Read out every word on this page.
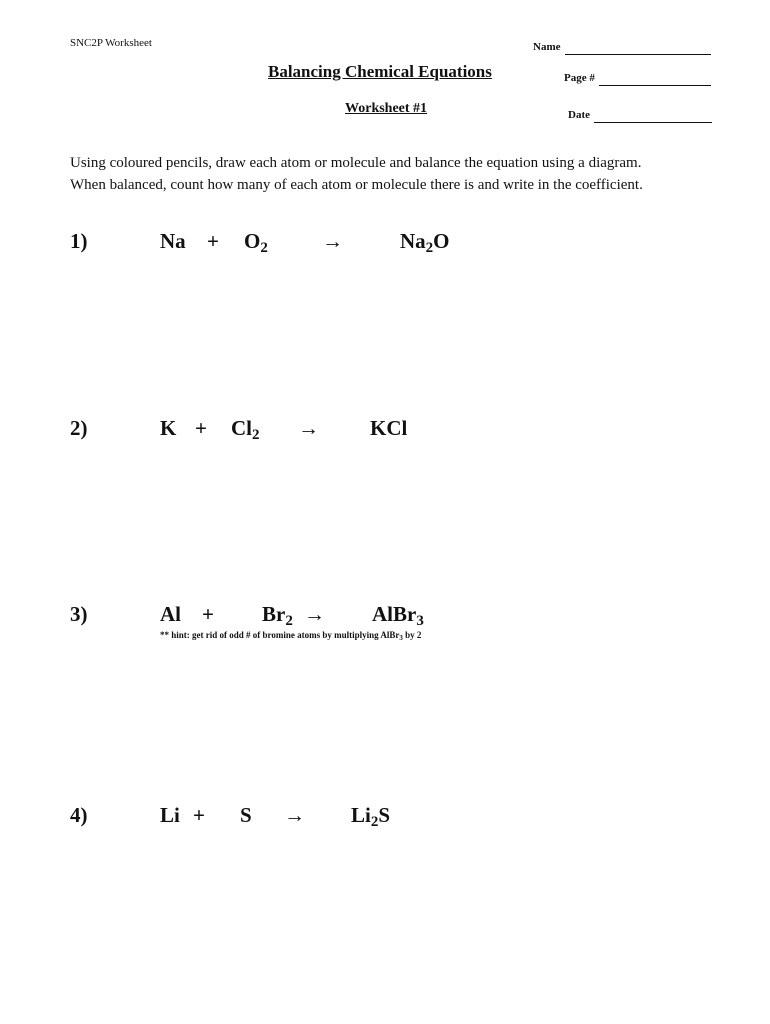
SNC2P Worksheet	Name
Balancing Chemical Equations	Page #
Worksheet #1	Date
Using coloured pencils, draw each atom or molecule and balance the equation using a diagram.
When balanced, count how many of each atom or molecule there is and write in the coefficient.
1)	$Na + O_2$	→	$Na_2O$
2)	$K + Cl_2$ → KCl
3)	$Al + Br_2$ → AlBr$_3$
** hint: get rid of odd # of bromine atoms by multiplying AlBr$_3$ by 2
4)	$Li + S \to Li_2S$
